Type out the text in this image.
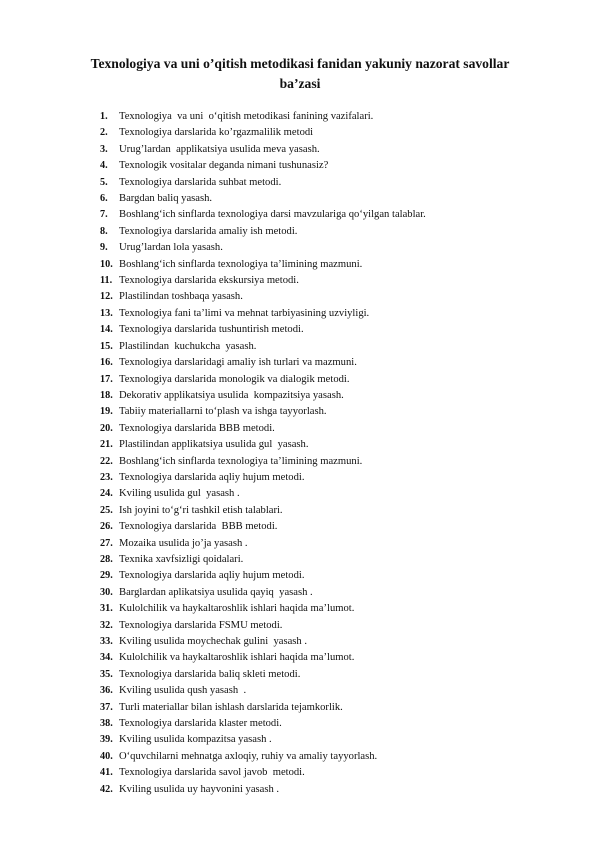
Texnologiya va uni o’qitish metodikasi fanidan yakuniy nazorat savollar ba’zasi
1.	Texnologiya  va uni  o‘qitish metodikasi fanining vazifalari.
2.	Texnologiya darslarida ko’rgazmalilik metodi
3.	Urug’lardan  applikatsiya usulida meva yasash.
4.	Texnologik vositalar deganda nimani tushunasiz?
5.	Texnologiya darslarida suhbat metodi.
6.	Bargdan baliq yasash.
7.	Boshlang‘ich sinflarda texnologiya darsi mavzulariga qo‘yilgan talablar.
8.	Texnologiya darslarida amaliy ish metodi.
9.	Urug’lardan lola yasash.
10. Boshlang‘ich sinflarda texnologiya ta’limining mazmuni.
11. Texnologiya darslarida ekskursiya metodi.
12. Plastilindan toshbaqa yasash.
13. Texnologiya fani ta’limi va mehnat tarbiyasining uzviyligi.
14. Texnologiya darslarida tushuntirish metodi.
15. Plastilindan  kuchukcha  yasash.
16. Texnologiya darslaridagi amaliy ish turlari va mazmuni.
17. Texnologiya darslarida monologik va dialogik metodi.
18. Dekorativ applikatsiya usulida  kompazitsiya yasash.
19. Tabiiy materiallarni to‘plash va ishga tayyorlash.
20. Texnologiya darslarida BBB metodi.
21. Plastilindan applikatsiya usulida gul  yasash.
22. Boshlang‘ich sinflarda texnologiya ta’limining mazmuni.
23. Texnologiya darslarida aqliy hujum metodi.
24. Kviling usulida gul  yasash .
25. Ish joyini to‘g‘ri tashkil etish talablari.
26. Texnologiya darslarida  BBB metodi.
27. Mozaika usulida jo’ja yasash .
28. Texnika xavfsizligi qoidalari.
29. Texnologiya darslarida aqliy hujum metodi.
30. Barglardan aplikatsiya usulida qayiq  yasash .
31. Kulolchilik va haykaltaroshlik ishlari haqida ma’lumot.
32. Texnologiya darslarida FSMU metodi.
33. Kviling usulida moychechak gulini  yasash .
34. Kulolchilik va haykaltaroshlik ishlari haqida ma’lumot.
35. Texnologiya darslarida baliq skleti metodi.
36. Kviling usulida qush yasash  .
37. Turli materiallar bilan ishlash darslarida tejamkorlik.
38. Texnologiya darslarida klaster metodi.
39. Kviling usulida kompazitsa yasash .
40. O‘quvchilarni mehnatga axloqiy, ruhiy va amaliy tayyorlash.
41. Texnologiya darslarida savol javob  metodi.
42. Kviling usulida uy hayvonini yasash .
